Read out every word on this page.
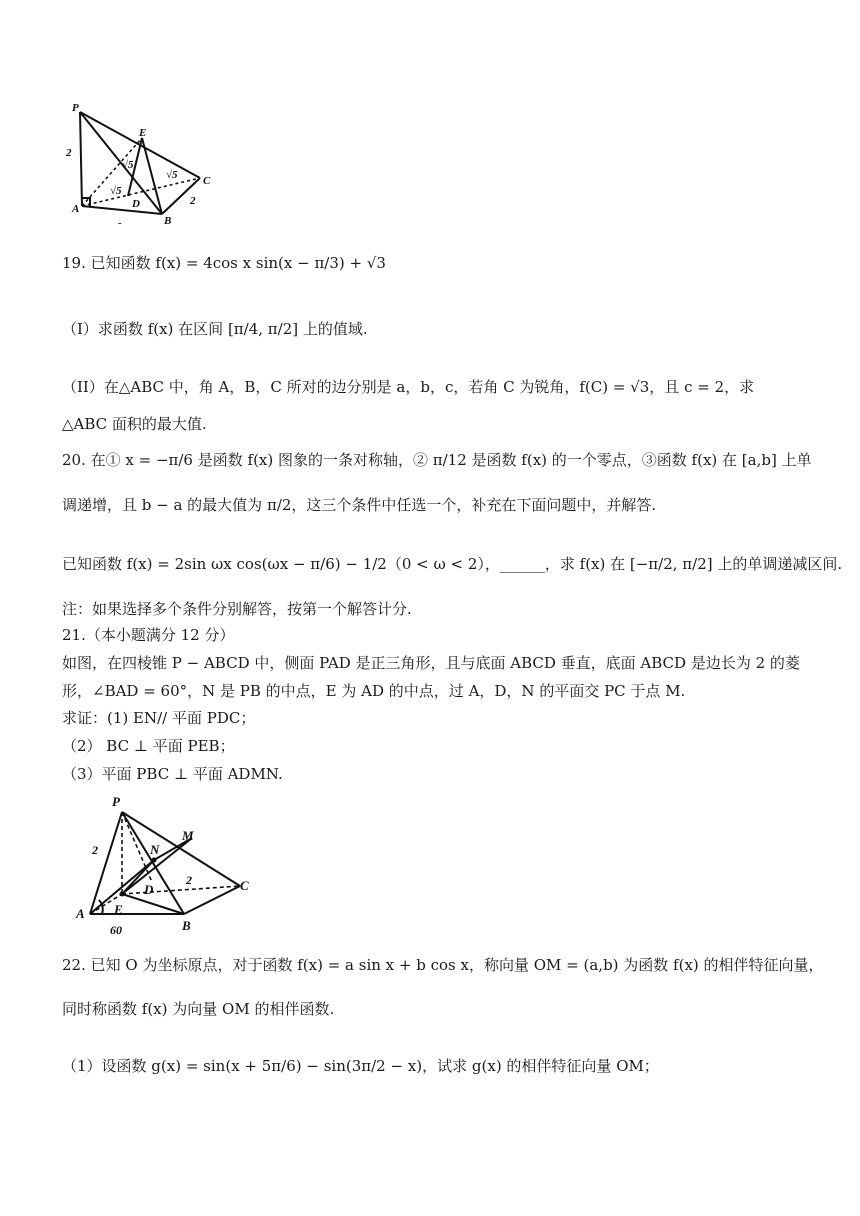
P
E
A	D
B
C
2
√5
√5
√5
2
-
19. 已知函数 f(x) = 4cos x sin(x − π/3) + √3
（Ⅰ）求函数 f(x) 在区间 [π/4, π/2] 上的值域.
（II）在△ABC 中，角 A，B，C 所对的边分别是 a，b，c，若角 C 为锐角，f(C) = √3，且 c = 2，求
△ABC 面积的最大值.
20. 在① x = −π/6 是函数 f(x) 图象的一条对称轴，② π/12 是函数 f(x) 的一个零点，③函数 f(x) 在 [a,b] 上单
调递增，且 b − a 的最大值为 π/2，这三个条件中任选一个，补充在下面问题中，并解答.
已知函数 f(x) = 2sin ωx cos(ωx − π/6) − 1/2（0 < ω < 2），______，求 f(x) 在 [−π/2, π/2] 上的单调递减区间.
注：如果选择多个条件分别解答，按第一个解答计分.
21.（本小题满分 12 分）
如图，在四棱锥 P − ABCD 中，侧面 PAD 是正三角形，且与底面 ABCD 垂直，底面 ABCD 是边长为 2 的菱
形，∠BAD = 60°，N 是 PB 的中点，E 为 AD 的中点，过 A，D，N 的平面交 PC 于点 M.
求证：(1) EN// 平面 PDC；
（2） BC ⊥ 平面 PEB；
（3）平面 PBC ⊥ 平面 ADMN.
P
M
N
D	C
A E
B
2
2
60
22. 已知 O 为坐标原点，对于函数 f(x) = a sin x + b cos x，称向量 OM = (a,b) 为函数 f(x) 的相伴特征向量，
同时称函数 f(x) 为向量 OM 的相伴函数.
（1）设函数 g(x) = sin(x + 5π/6) − sin(3π/2 − x)，试求 g(x) 的相伴特征向量 OM；
